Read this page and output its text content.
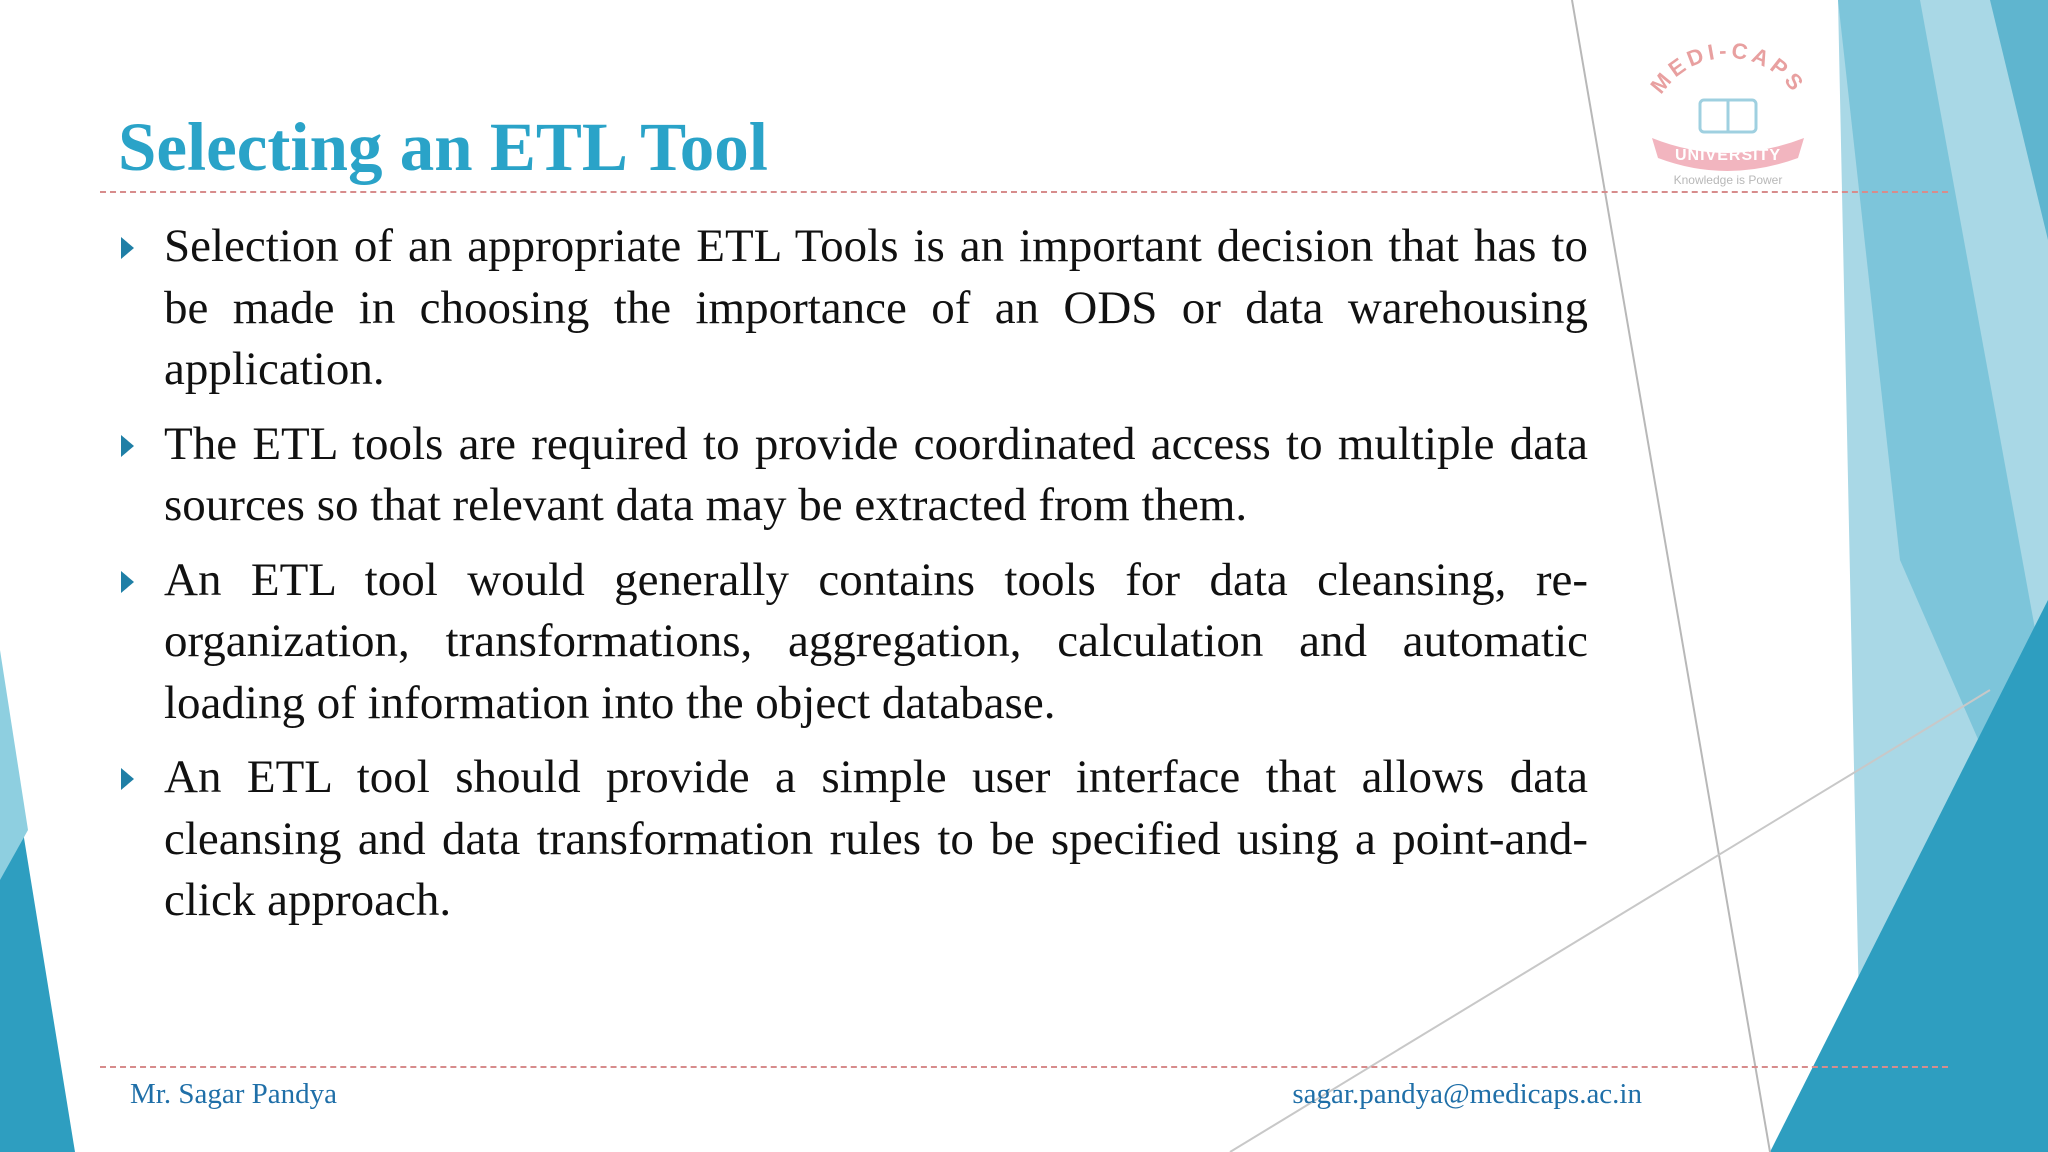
MEDI-CAPS
UNIVERSITY
Knowledge is Power
Selecting an ETL Tool
Selection of an appropriate ETL Tools is an important decision that has to be made in choosing the importance of an ODS or data warehousing application.
The ETL tools are required to provide coordinated access to multiple data sources so that relevant data may be extracted from them.
An ETL tool would generally contains tools for data cleansing, re-organization, transformations, aggregation, calculation and automatic loading of information into the object database.
An ETL tool should provide a simple user interface that allows data cleansing and data transformation rules to be specified using a point-and-click approach.
Mr. Sagar Pandya	sagar.pandya@medicaps.ac.in
